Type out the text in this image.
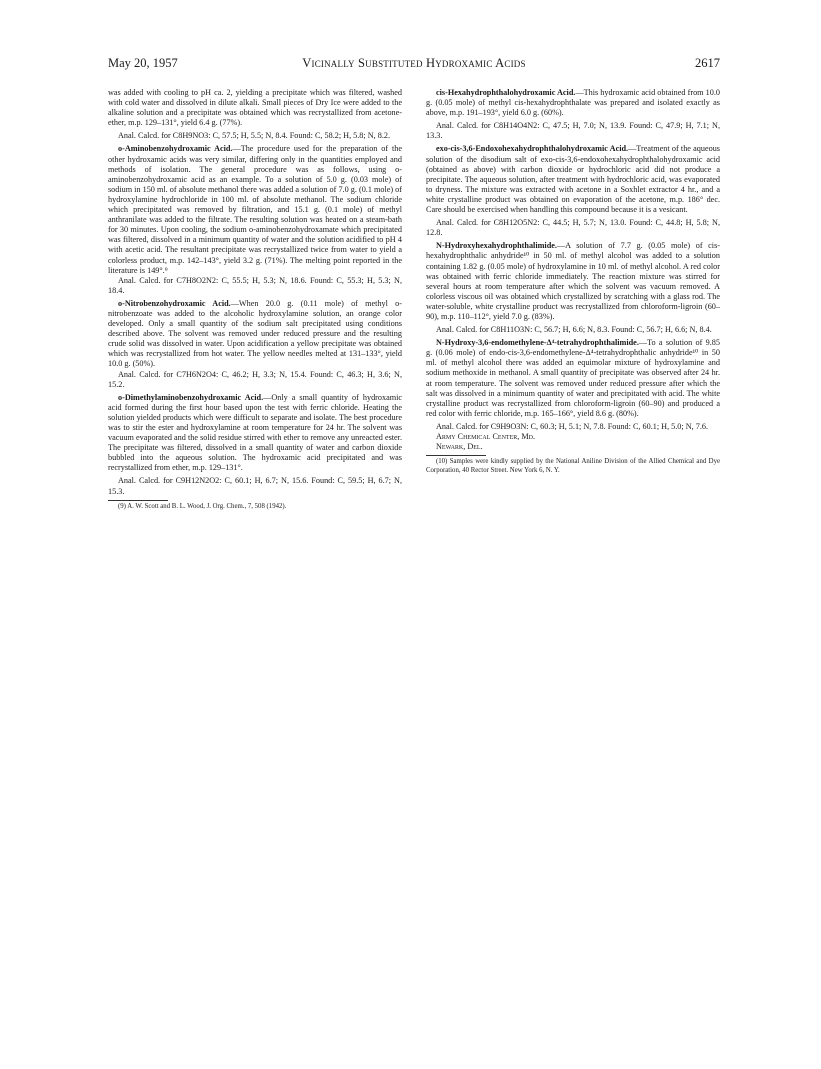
May 20, 1957	Vicinally Substituted Hydroxamic Acids	2617

was added with cooling to pH ca. 2, yielding a precipitate which was filtered, washed with cold water and dissolved in dilute alkali. Small pieces of Dry Ice were added to the alkaline solution and a precipitate was obtained which was recrystallized from acetone-ether, m.p. 129–131°, yield 6.4 g. (77%).

Anal. Calcd. for C8H9NO3: C, 57.5; H, 5.5; N, 8.4. Found: C, 58.2; H, 5.8; N, 8.2.

o-Aminobenzohydroxamic Acid.—The procedure used for the preparation of the other hydroxamic acids was very similar, differing only in the quantities employed and methods of isolation. The general procedure was as follows, using o-aminobenzohydroxamic acid as an example. To a solution of 5.0 g. (0.03 mole) of sodium in 150 ml. of absolute methanol there was added a solution of 7.0 g. (0.1 mole) of hydroxylamine hydrochloride in 100 ml. of absolute methanol. The sodium chloride which precipitated was removed by filtration, and 15.1 g. (0.1 mole) of methyl anthranilate was added to the filtrate. The resulting solution was heated on a steam-bath for 30 minutes. Upon cooling, the sodium o-aminobenzohydroxamate which precipitated was filtered, dissolved in a minimum quantity of water and the solution acidified to pH 4 with acetic acid. The resultant precipitate was recrystallized twice from water to yield a colorless product, m.p. 142–143°, yield 3.2 g. (71%). The melting point reported in the literature is 149°.⁹

Anal. Calcd. for C7H8O2N2: C, 55.5; H, 5.3; N, 18.6. Found: C, 55.3; H, 5.3; N, 18.4.

o-Nitrobenzohydroxamic Acid.—When 20.0 g. (0.11 mole) of methyl o-nitrobenzoate was added to the alcoholic hydroxylamine solution, an orange color developed. Only a small quantity of the sodium salt precipitated using conditions described above. The solvent was removed under reduced pressure and the resulting crude solid was dissolved in water. Upon acidification a yellow precipitate was obtained which was recrystallized from hot water. The yellow needles melted at 131–133°, yield 10.0 g. (50%).

Anal. Calcd. for C7H6N2O4: C, 46.2; H, 3.3; N, 15.4. Found: C, 46.3; H, 3.6; N, 15.2.

o-Dimethylaminobenzohydroxamic Acid.—Only a small quantity of hydroxamic acid formed during the first hour based upon the test with ferric chloride. Heating the solution yielded products which were difficult to separate and isolate. The best procedure was to stir the ester and hydroxylamine at room temperature for 24 hr. The solvent was vacuum evaporated and the solid residue stirred with ether to remove any unreacted ester. The precipitate was filtered, dissolved in a small quantity of water and carbon dioxide bubbled into the aqueous solution. The hydroxamic acid precipitated and was recrystallized from ether, m.p. 129–131°.

Anal. Calcd. for C9H12N2O2: C, 60.1; H, 6.7; N, 15.6. Found: C, 59.5; H, 6.7; N, 15.3.

(9) A. W. Scott and B. L. Wood, J. Org. Chem., 7, 508 (1942).

cis-Hexahydrophthalohydroxamic Acid.—This hydroxamic acid obtained from 10.0 g. (0.05 mole) of methyl cis-hexahydrophthalate was prepared and isolated exactly as above, m.p. 191–193°, yield 6.0 g. (60%).

Anal. Calcd. for C8H14O4N2: C, 47.5; H, 7.0; N, 13.9. Found: C, 47.9; H, 7.1; N, 13.3.

exo-cis-3,6-Endoxohexahydrophthalohydroxamic Acid.—Treatment of the aqueous solution of the disodium salt of exo-cis-3,6-endoxohexahydrophthalohydroxamic acid (obtained as above) with carbon dioxide or hydrochloric acid did not produce a precipitate. The aqueous solution, after treatment with hydrochloric acid, was evaporated to dryness. The mixture was extracted with acetone in a Soxhlet extractor 4 hr., and a white crystalline product was obtained on evaporation of the acetone, m.p. 186° dec. Care should be exercised when handling this compound because it is a vesicant.

Anal. Calcd. for C8H12O5N2: C, 44.5; H, 5.7; N, 13.0. Found: C, 44.8; H, 5.8; N, 12.8.

N-Hydroxyhexahydrophthalimide.—A solution of 7.7 g. (0.05 mole) of cis-hexahydrophthalic anhydride¹⁰ in 50 ml. of methyl alcohol was added to a solution containing 1.82 g. (0.05 mole) of hydroxylamine in 10 ml. of methyl alcohol. A red color was obtained with ferric chloride immediately. The reaction mixture was stirred for several hours at room temperature after which the solvent was vacuum removed. A colorless viscous oil was obtained which crystallized by scratching with a glass rod. The water-soluble, white crystalline product was recrystallized from chloroform-ligroin (60–90), m.p. 110–112°, yield 7.0 g. (83%).

Anal. Calcd. for C8H11O3N: C, 56.7; H, 6.6; N, 8.3. Found: C, 56.7; H, 6.6; N, 8.4.

N-Hydroxy-3,6-endomethylene-Δ⁴-tetrahydrophthalimide.—To a solution of 9.85 g. (0.06 mole) of endo-cis-3,6-endomethylene-Δ⁴-tetrahydrophthalic anhydride¹⁰ in 50 ml. of methyl alcohol there was added an equimolar mixture of hydroxylamine and sodium methoxide in methanol. A small quantity of precipitate was observed after 24 hr. at room temperature. The solvent was removed under reduced pressure after which the salt was dissolved in a minimum quantity of water and precipitated with acid. The white crystalline product was recrystallized from chloroform-ligroin (60–90) and produced a red color with ferric chloride, m.p. 165–166°, yield 8.6 g. (80%).

Anal. Calcd. for C9H9O3N: C, 60.3; H, 5.1; N, 7.8. Found: C, 60.1; H, 5.0; N, 7.6.

Army Chemical Center, Md.

Newark, Del.

(10) Samples were kindly supplied by the National Aniline Division of the Allied Chemical and Dye Corporation, 40 Rector Street. New York 6, N. Y.
